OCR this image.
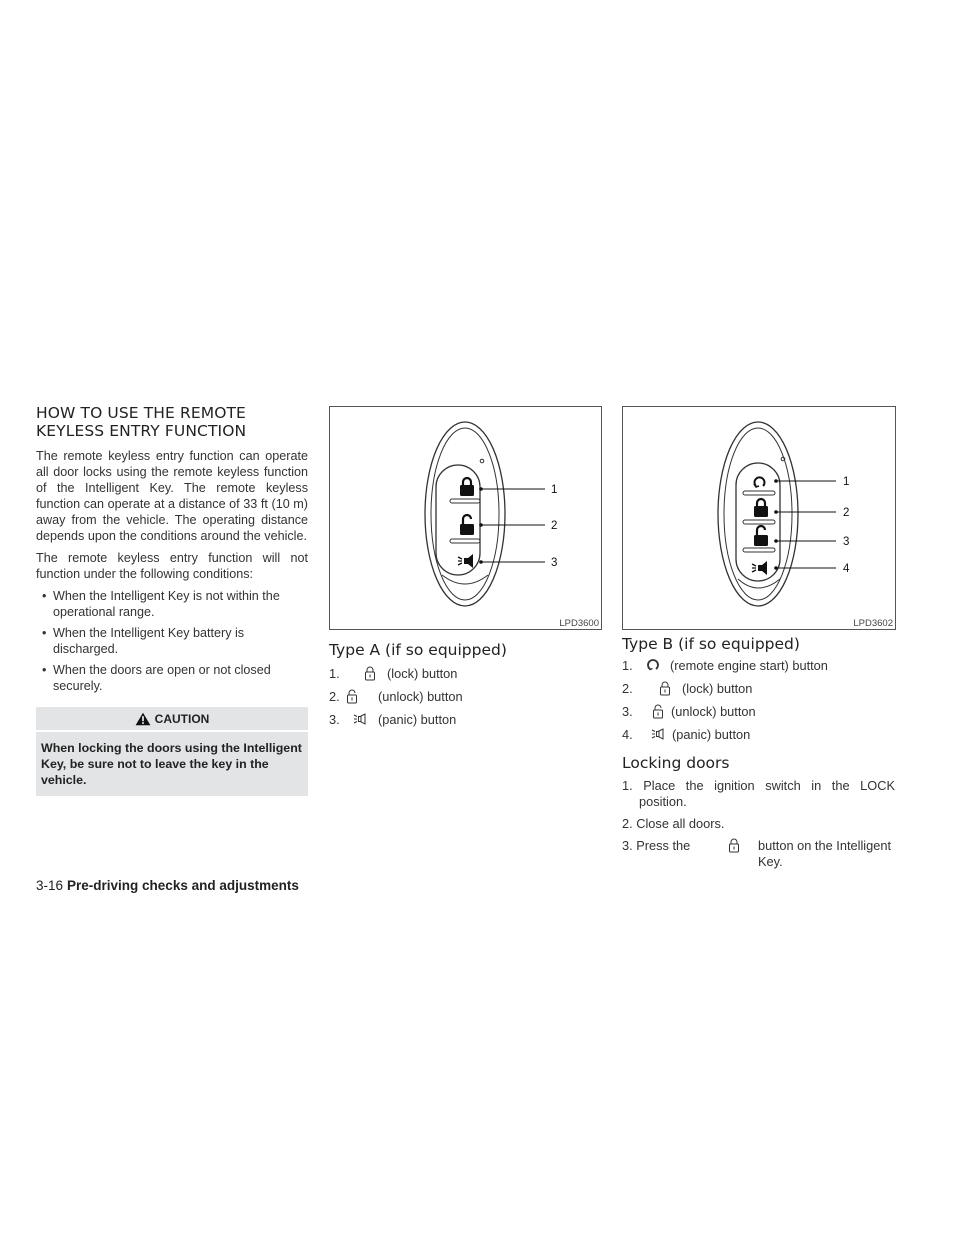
HOW TO USE THE REMOTE
KEYLESS ENTRY FUNCTION

The remote keyless entry function can operate all door locks using the remote keyless function of the Intelligent Key. The remote keyless function can operate at a distance of 33 ft (10 m) away from the vehicle. The operating distance depends upon the conditions around the vehicle.

The remote keyless entry function will not function under the following conditions:

• When the Intelligent Key is not within the operational range.
• When the Intelligent Key battery is discharged.
• When the doors are open or not closed securely.
CAUTION
When locking the doors using the Intelligent Key, be sure not to leave the key in the vehicle.
1
2
3
LPD3600
1
2
3
4
LPD3602
Type A (if so equipped)
1.	(lock) button
2.	(unlock) button
3.	(panic) button
Type B (if so equipped)
1.	(remote engine start) button
2.	(lock) button
3.	(unlock) button
4.	(panic) button
Locking doors
1. Place the ignition switch in the LOCK position.
2. Close all doors.
3. Press the	button on the Intelligent Key.
3-16 Pre-driving checks and adjustments
